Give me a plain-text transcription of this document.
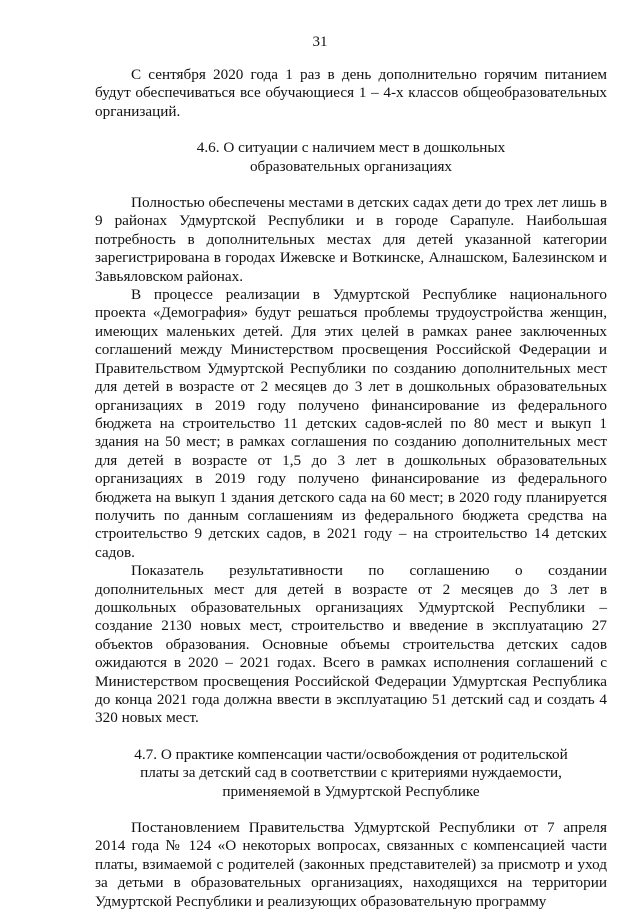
31

С сентября 2020 года 1 раз в день дополнительно горячим питанием будут обеспечиваться все обучающиеся 1 – 4-х классов общеобразовательных организаций.

4.6. О ситуации с наличием мест в дошкольных

образовательных организациях

Полностью обеспечены местами в детских садах дети до трех лет лишь в 9 районах Удмуртской Республики и в городе Сарапуле. Наибольшая потребность в дополнительных местах для детей указанной категории зарегистрирована в городах Ижевске и Воткинске, Алнашском, Балезинском и Завьяловском районах.

В процессе реализации в Удмуртской Республике национального проекта «Демография» будут решаться проблемы трудоустройства женщин, имеющих маленьких детей. Для этих целей в рамках ранее заключенных соглашений между Министерством просвещения Российской Федерации и Правительством Удмуртской Республики по созданию дополнительных мест для детей в возрасте от 2 месяцев до 3 лет в дошкольных образовательных организациях в 2019 году получено финансирование из федерального бюджета на строительство 11 детских садов-яслей по 80 мест и выкуп 1 здания на 50 мест; в рамках соглашения по созданию дополнительных мест для детей в возрасте от 1,5 до 3 лет в дошкольных образовательных организациях в 2019 году получено финансирование из федерального бюджета на выкуп 1 здания детского сада на 60 мест; в 2020 году планируется получить по данным соглашениям из федерального бюджета средства на строительство 9 детских садов, в 2021 году – на строительство 14 детских садов.

Показатель результативности по соглашению о создании дополнительных мест для детей в возрасте от 2 месяцев до 3 лет в дошкольных образовательных организациях Удмуртской Республики – создание 2130 новых мест, строительство и введение в эксплуатацию 27 объектов образования. Основные объемы строительства детских садов ожидаются в 2020 – 2021 годах. Всего в рамках исполнения соглашений с Министерством просвещения Российской Федерации Удмуртская Республика до конца 2021 года должна ввести в эксплуатацию 51 детский сад и создать 4 320 новых мест.

4.7. О практике компенсации части/освобождения от родительской

платы за детский сад в соответствии с критериями нуждаемости,

применяемой в Удмуртской Республике

Постановлением Правительства Удмуртской Республики от 7 апреля 2014 года № 124 «О некоторых вопросах, связанных с компенсацией части платы, взимаемой с родителей (законных представителей) за присмотр и уход за детьми в образовательных организациях, находящихся на территории Удмуртской Республики и реализующих образовательную программу
